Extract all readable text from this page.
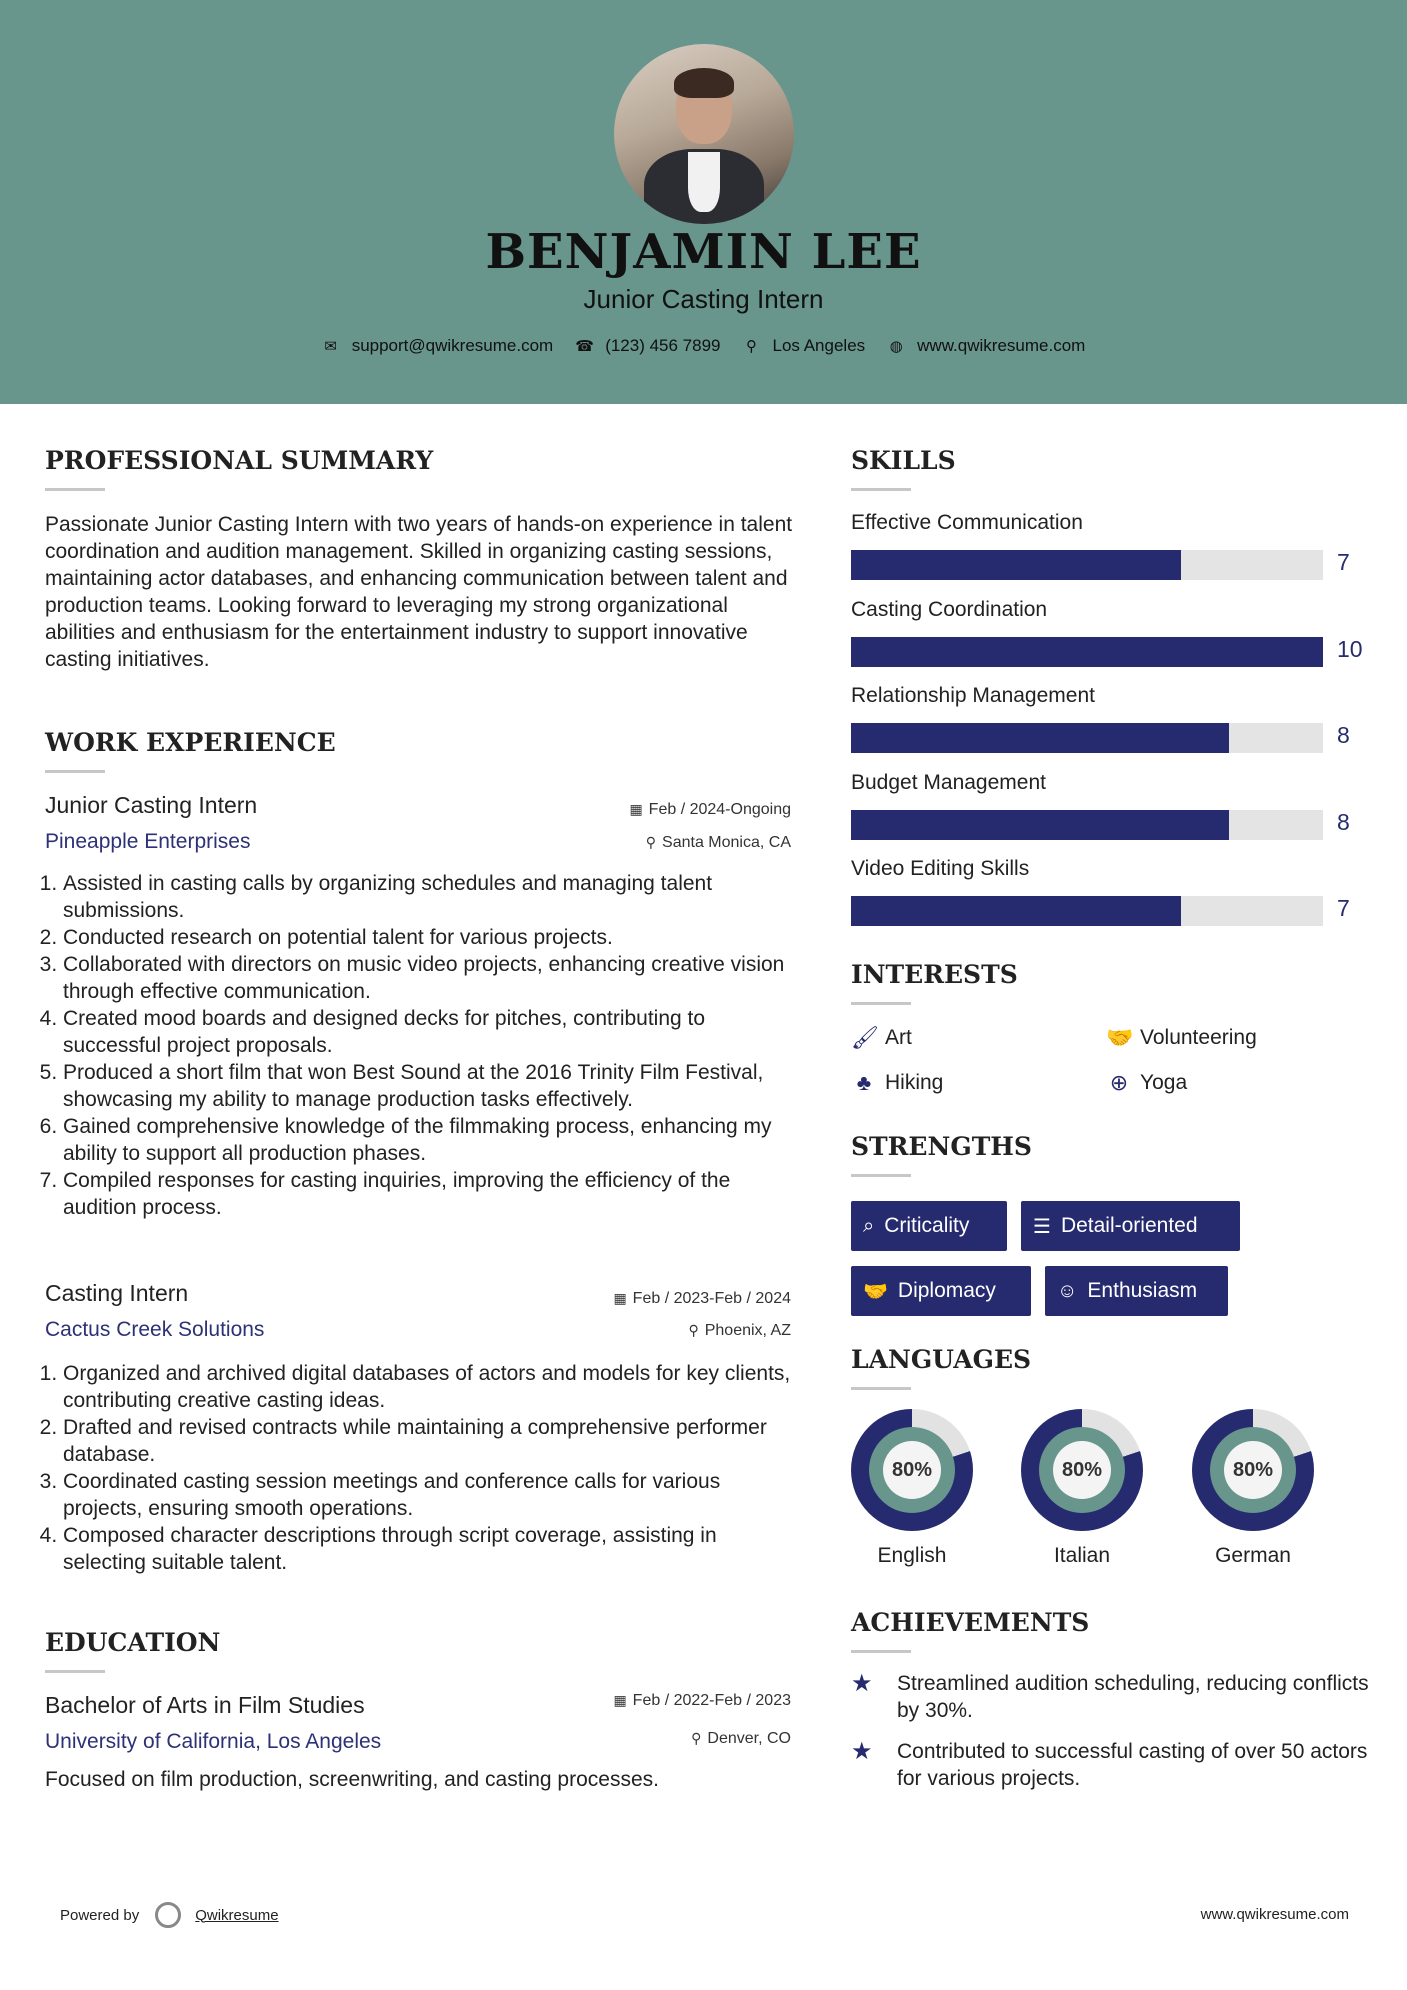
BENJAMIN LEE
Junior Casting Intern
✉ support@qwikresume.com ☎ (123) 456 7899 ⚲ Los Angeles ◍ www.qwikresume.com
PROFESSIONAL SUMMARY
Passionate Junior Casting Intern with two years of hands-on experience in talent coordination and audition management. Skilled in organizing casting sessions, maintaining actor databases, and enhancing communication between talent and production teams. Looking forward to leveraging my strong organizational abilities and enthusiasm for the entertainment industry to support innovative casting initiatives.
WORK EXPERIENCE
Junior Casting Intern	▦ Feb / 2024-Ongoing
Pineapple Enterprises	⚲ Santa Monica, CA
1. Assisted in casting calls by organizing schedules and managing talent submissions.
2. Conducted research on potential talent for various projects.
3. Collaborated with directors on music video projects, enhancing creative vision through effective communication.
4. Created mood boards and designed decks for pitches, contributing to successful project proposals.
5. Produced a short film that won Best Sound at the 2016 Trinity Film Festival, showcasing my ability to manage production tasks effectively.
6. Gained comprehensive knowledge of the filmmaking process, enhancing my ability to support all production phases.
7. Compiled responses for casting inquiries, improving the efficiency of the audition process.
Casting Intern	▦ Feb / 2023-Feb / 2024
Cactus Creek Solutions	⚲ Phoenix, AZ
1. Organized and archived digital databases of actors and models for key clients, contributing creative casting ideas.
2. Drafted and revised contracts while maintaining a comprehensive performer database.
3. Coordinated casting session meetings and conference calls for various projects, ensuring smooth operations.
4. Composed character descriptions through script coverage, assisting in selecting suitable talent.
EDUCATION
Bachelor of Arts in Film Studies	▦ Feb / 2022-Feb / 2023
University of California, Los Angeles	⚲ Denver, CO
Focused on film production, screenwriting, and casting processes.
SKILLS
Effective Communication
7
Casting Coordination
10
Relationship Management
8
Budget Management
8
Video Editing Skills
7
INTERESTS
🖌 Art	🤝 Volunteering
♣ Hiking	⊕ Yoga
STRENGTHS
⌕ Criticality	☰ Detail-oriented
🤝 Diplomacy	☺ Enthusiasm
LANGUAGES
80%
English
80%
Italian
80%
German
ACHIEVEMENTS
★	Streamlined audition scheduling, reducing conflicts by 30%.
★	Contributed to successful casting of over 50 actors for various projects.
Powered by	Qwikresume	www.qwikresume.com
